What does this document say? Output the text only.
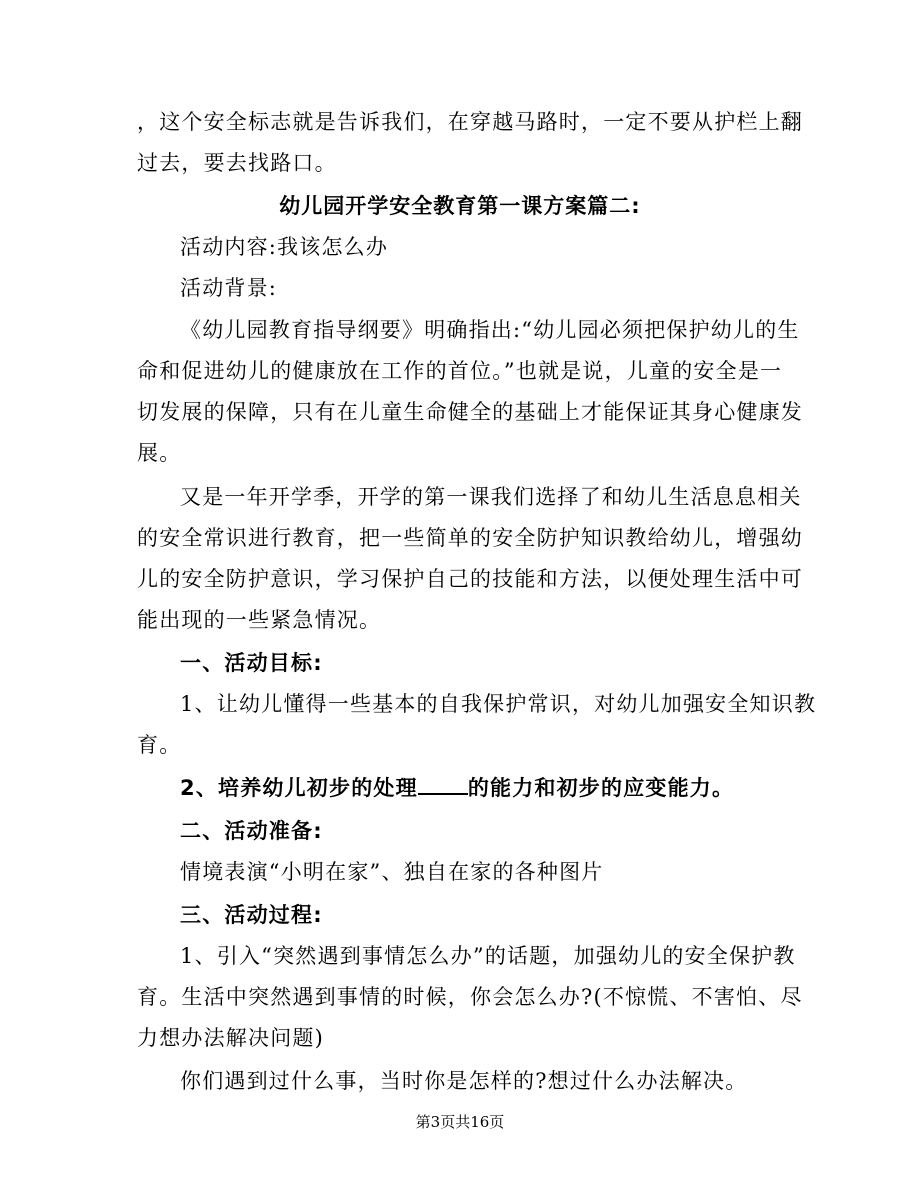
，这个安全标志就是告诉我们，在穿越马路时，一定不要从护栏上翻
过去，要去找路口。
幼儿园开学安全教育第一课方案篇二:
活动内容:我该怎么办
活动背景:
《幼儿园教育指导纲要》明确指出:“幼儿园必须把保护幼儿的生
命和促进幼儿的健康放在工作的首位。”也就是说，儿童的安全是一
切发展的保障，只有在儿童生命健全的基础上才能保证其身心健康发
展。
又是一年开学季，开学的第一课我们选择了和幼儿生活息息相关
的安全常识进行教育，把一些简单的安全防护知识教给幼儿，增强幼
儿的安全防护意识，学习保护自己的技能和方法，以便处理生活中可
能出现的一些紧急情况。
一、活动目标:
1、让幼儿懂得一些基本的自我保护常识，对幼儿加强安全知识教
育。
2、培养幼儿初步的处理 的能力和初步的应变能力。
二、活动准备:
情境表演“小明在家”、独自在家的各种图片
三、活动过程:
1、引入“突然遇到事情怎么办”的话题，加强幼儿的安全保护教
育。生活中突然遇到事情的时候，你会怎么办?(不惊慌、不害怕、尽
力想办法解决问题)
你们遇到过什么事，当时你是怎样的?想过什么办法解决。
第3页共16页
